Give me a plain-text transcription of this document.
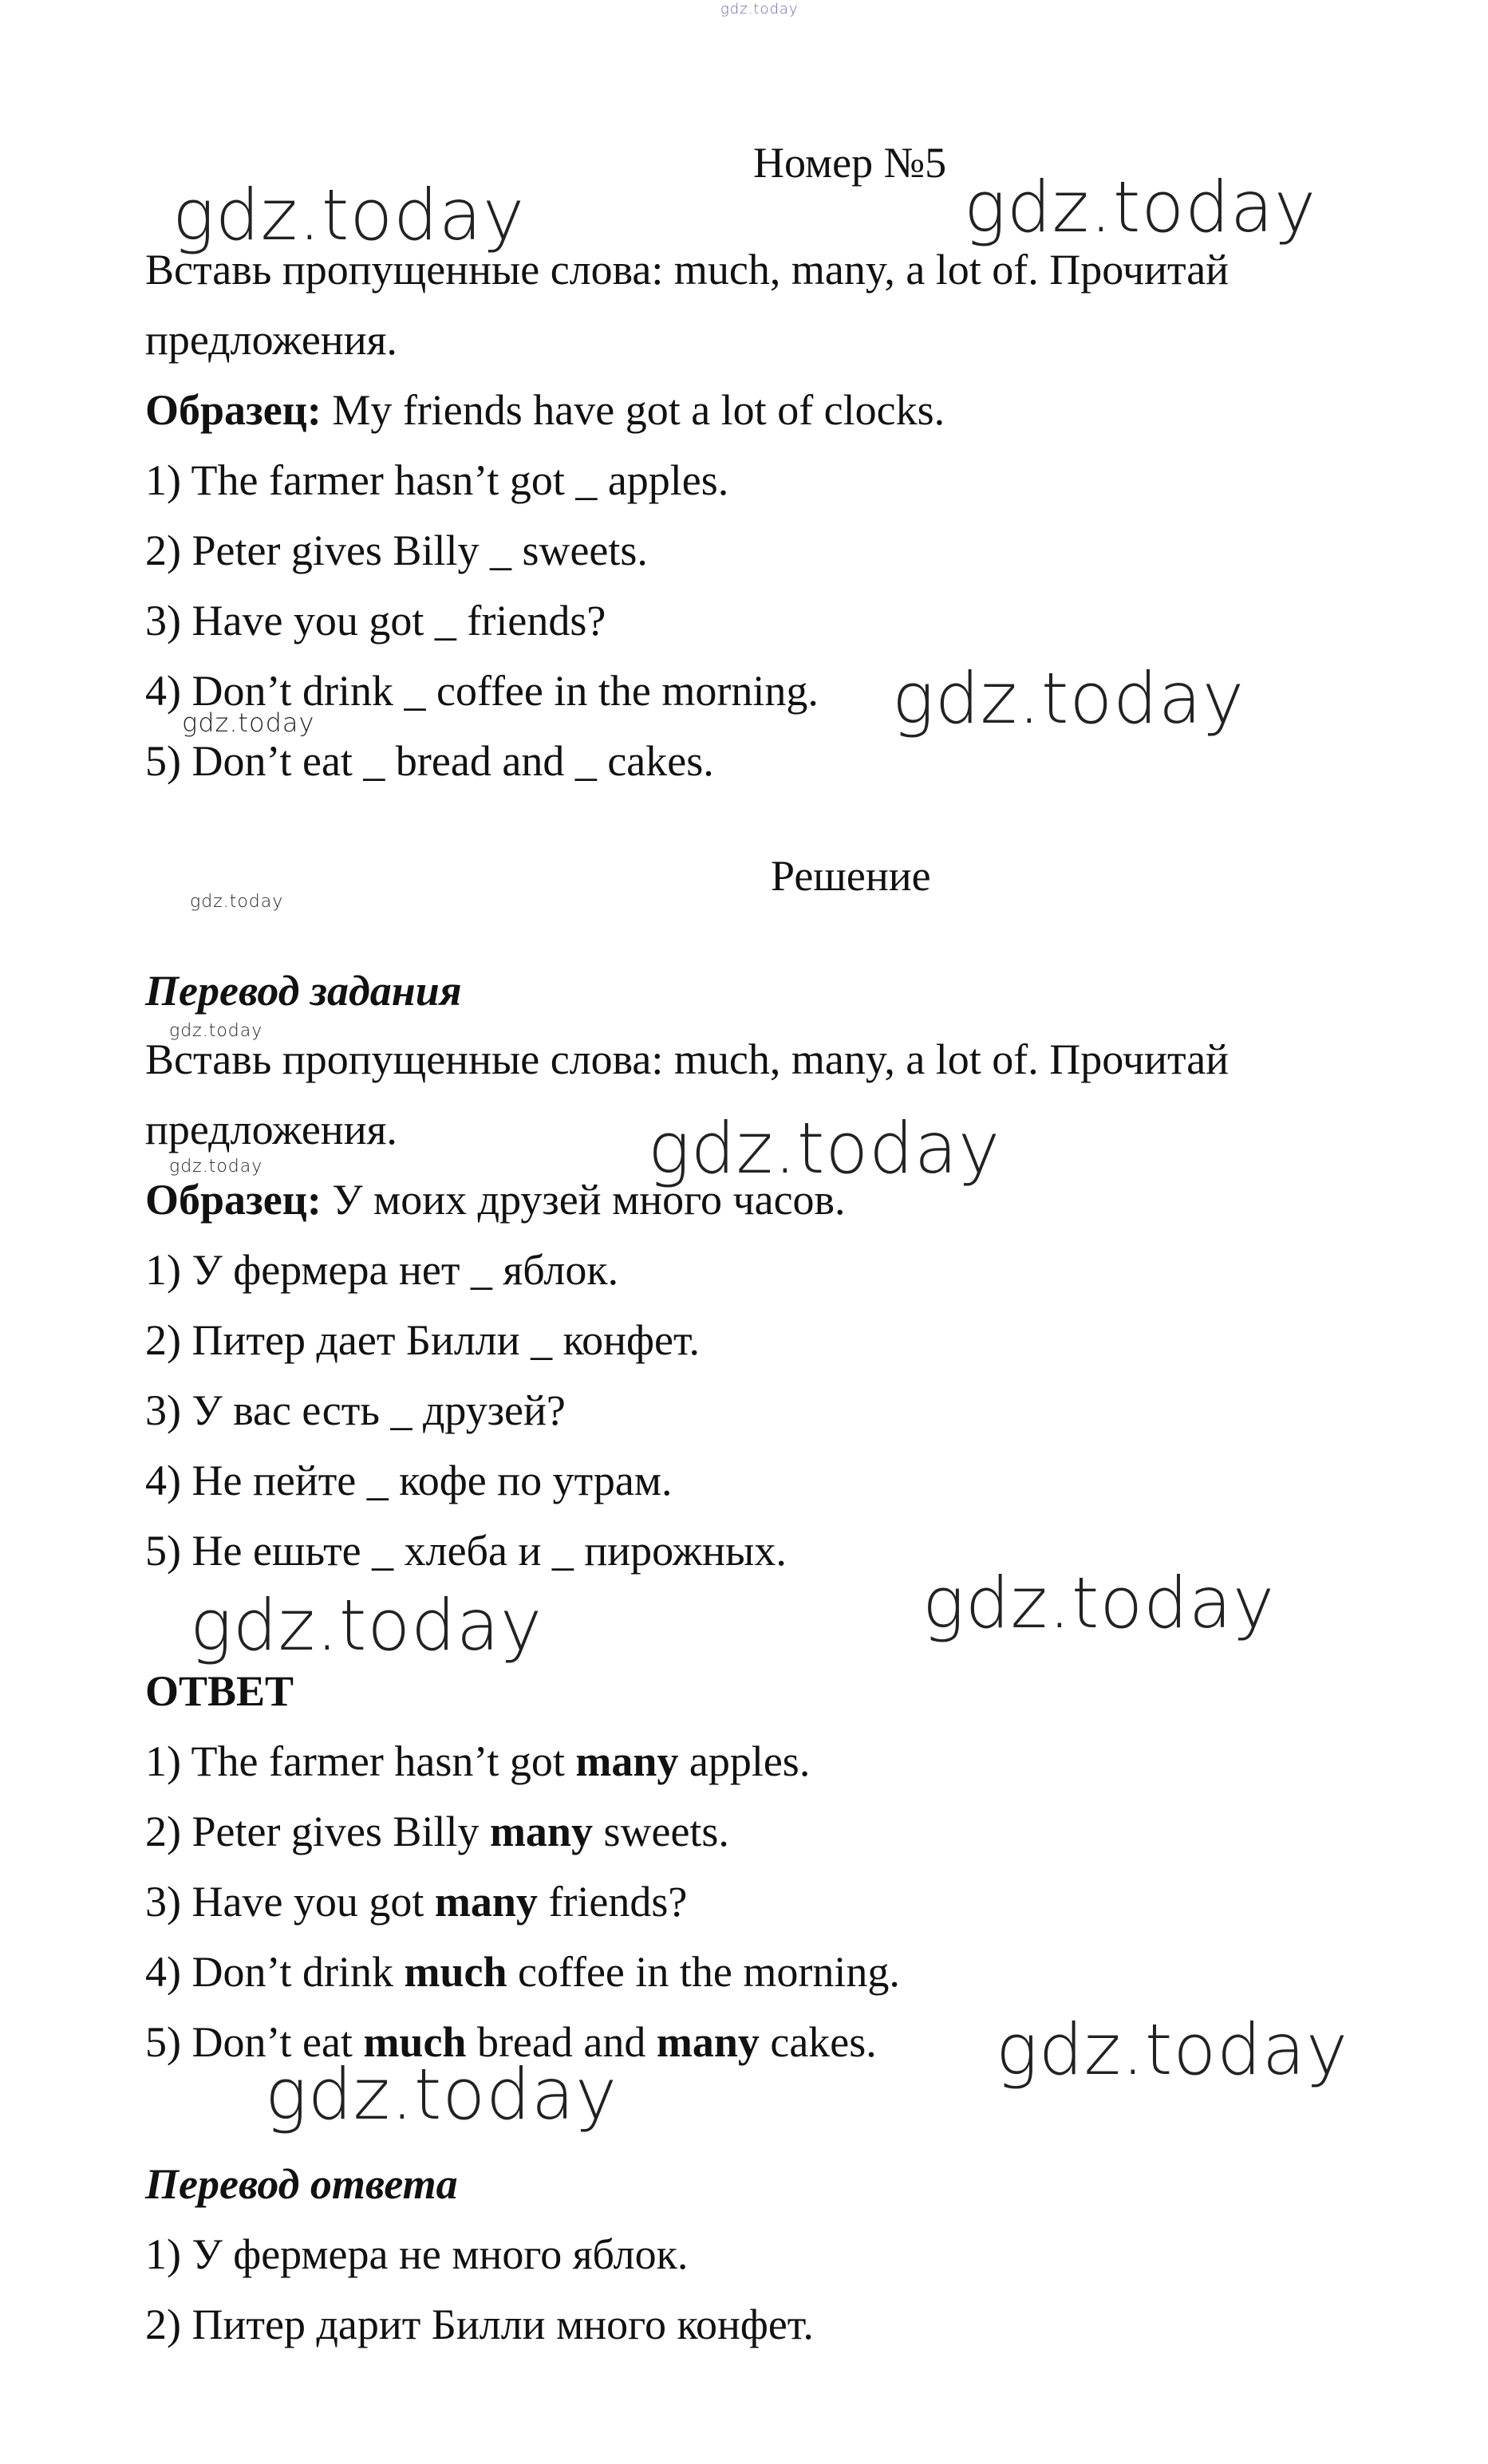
gdz.today
gdz.today	gdz.today
gdz.today
gdz.today
gdz.today
gdz.today
gdz.today
gdz.today
gdz.today
gdz.today
gdz.today
gdz.today
Номер №5
Вставь пропущенные слова: much, many, a lot of. Прочитай
предложения.
Образец: My friends have got a lot of clocks.
1) The farmer hasn’t got _ apples.
2) Peter gives Billy _ sweets.
3) Have you got _ friends?
4) Don’t drink _ coffee in the morning.
5) Don’t eat _ bread and _ cakes.
Решение
Перевод задания
Вставь пропущенные слова: much, many, a lot of. Прочитай
предложения.
Образец: У моих друзей много часов.
1) У фермера нет _ яблок.
2) Питер дает Билли _ конфет.
3) У вас есть _ друзей?
4) Не пейте _ кофе по утрам.
5) Не ешьте _ хлеба и _ пирожных.
ОТВЕТ
1) The farmer hasn’t got many apples.
2) Peter gives Billy many sweets.
3) Have you got many friends?
4) Don’t drink much coffee in the morning.
5) Don’t eat much bread and many cakes.
Перевод ответа
1) У фермера не много яблок.
2) Питер дарит Билли много конфет.
